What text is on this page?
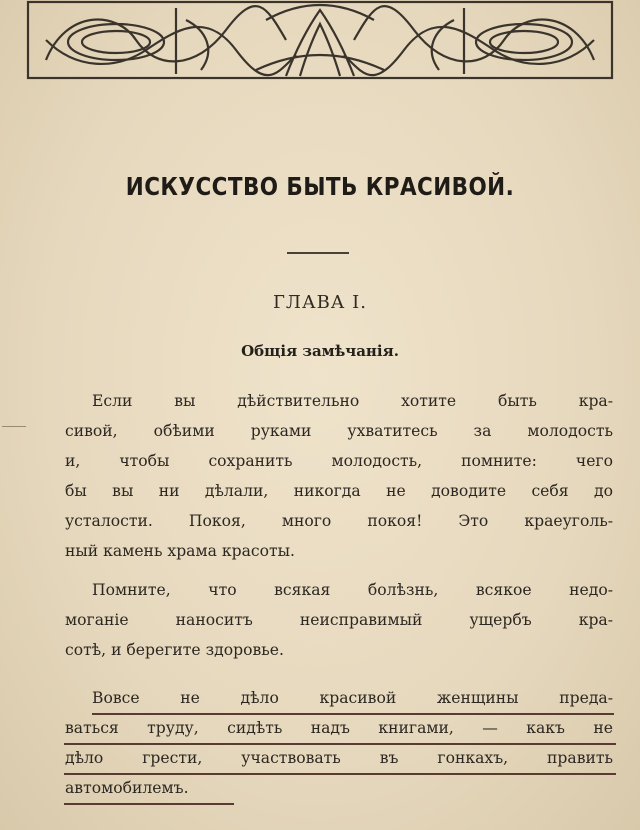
ИСКУССТВО БЫТЬ КРАСИВОЙ.
ГЛАВА I.
Общiя замѣчанiя.
Если вы дѣйствительно хотите быть кра-
сивой, обѣими руками ухватитесь за молодость
и, чтобы сохранить молодость, помните: чего
бы вы ни дѣлали, никогда не доводите себя до
усталости. Покоя, много покоя! Это краеуголь-
ный камень храма красоты.
Помните, что всякая болѣзнь, всякое недо-
моганiе наноситъ неисправимый ущербъ кра-
сотѣ, и берегите здоровье.
Вовсе не дѣло красивой женщины преда-
ваться труду, сидѣть надъ книгами, — какъ не
дѣло грести, участвовать въ гонкахъ, править
автомобилемъ.
